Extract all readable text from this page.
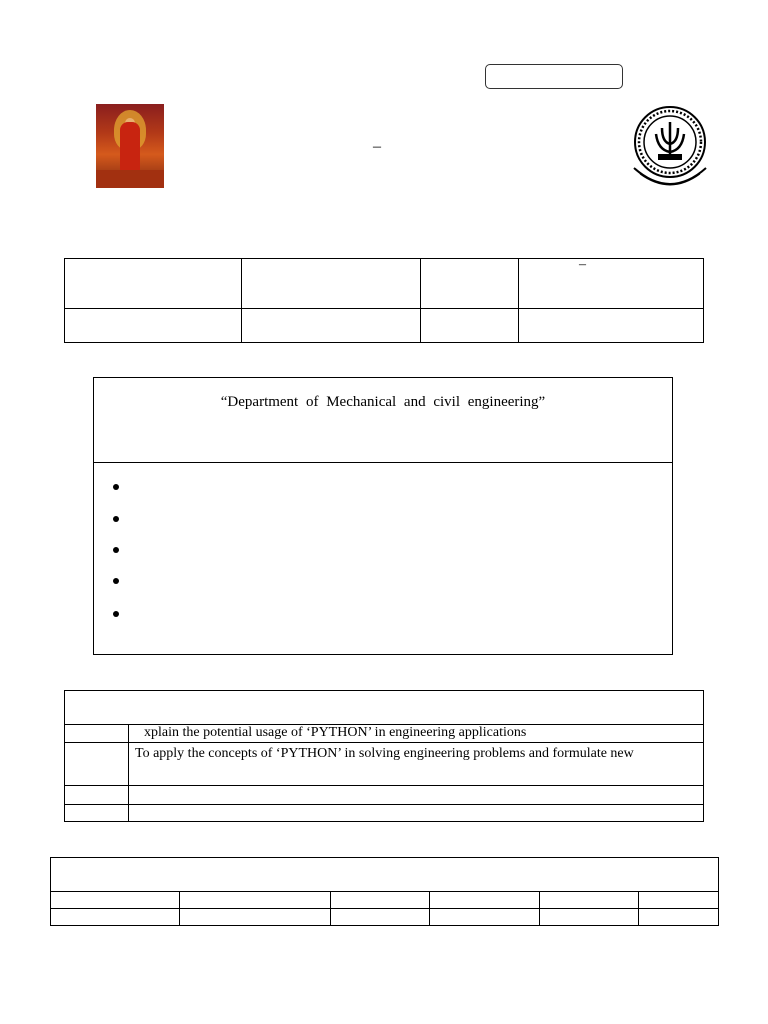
–

–
“Department of Mechanical and civil engineering”

	xplain the potential usage of ‘PYTHON’ in engineering applications
	To apply the concepts of ‘PYTHON’ in solving engineering problems and formulate new
